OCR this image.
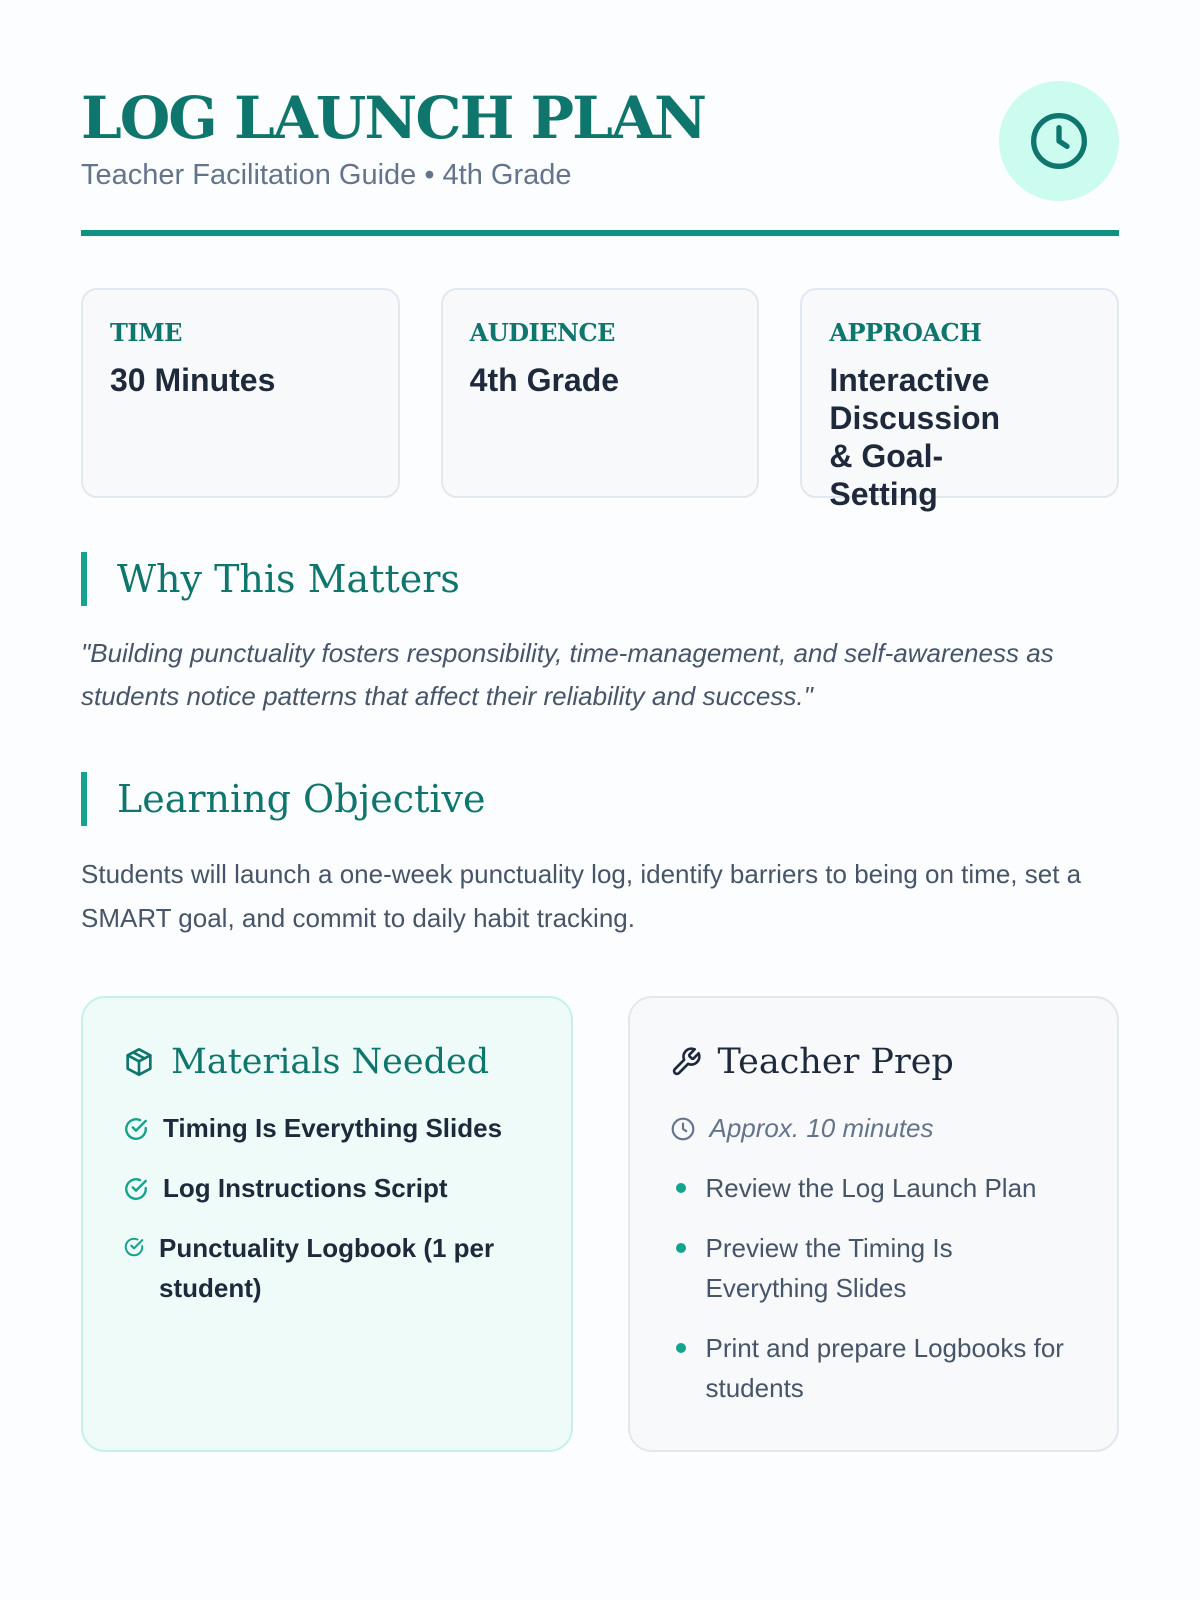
LOG LAUNCH PLAN
Teacher Facilitation Guide • 4th Grade
TIME
30 Minutes
AUDIENCE
4th Grade
APPROACH
Interactive Discussion & Goal-Setting
Why This Matters
"Building punctuality fosters responsibility, time-management, and self-awareness as students notice patterns that affect their reliability and success."
Learning Objective
Students will launch a one-week punctuality log, identify barriers to being on time, set a SMART goal, and commit to daily habit tracking.
Materials Needed
Timing Is Everything Slides
Log Instructions Script
Punctuality Logbook (1 per student)
Teacher Prep
Approx. 10 minutes
Review the Log Launch Plan
Preview the Timing Is Everything Slides
Print and prepare Logbooks for students
